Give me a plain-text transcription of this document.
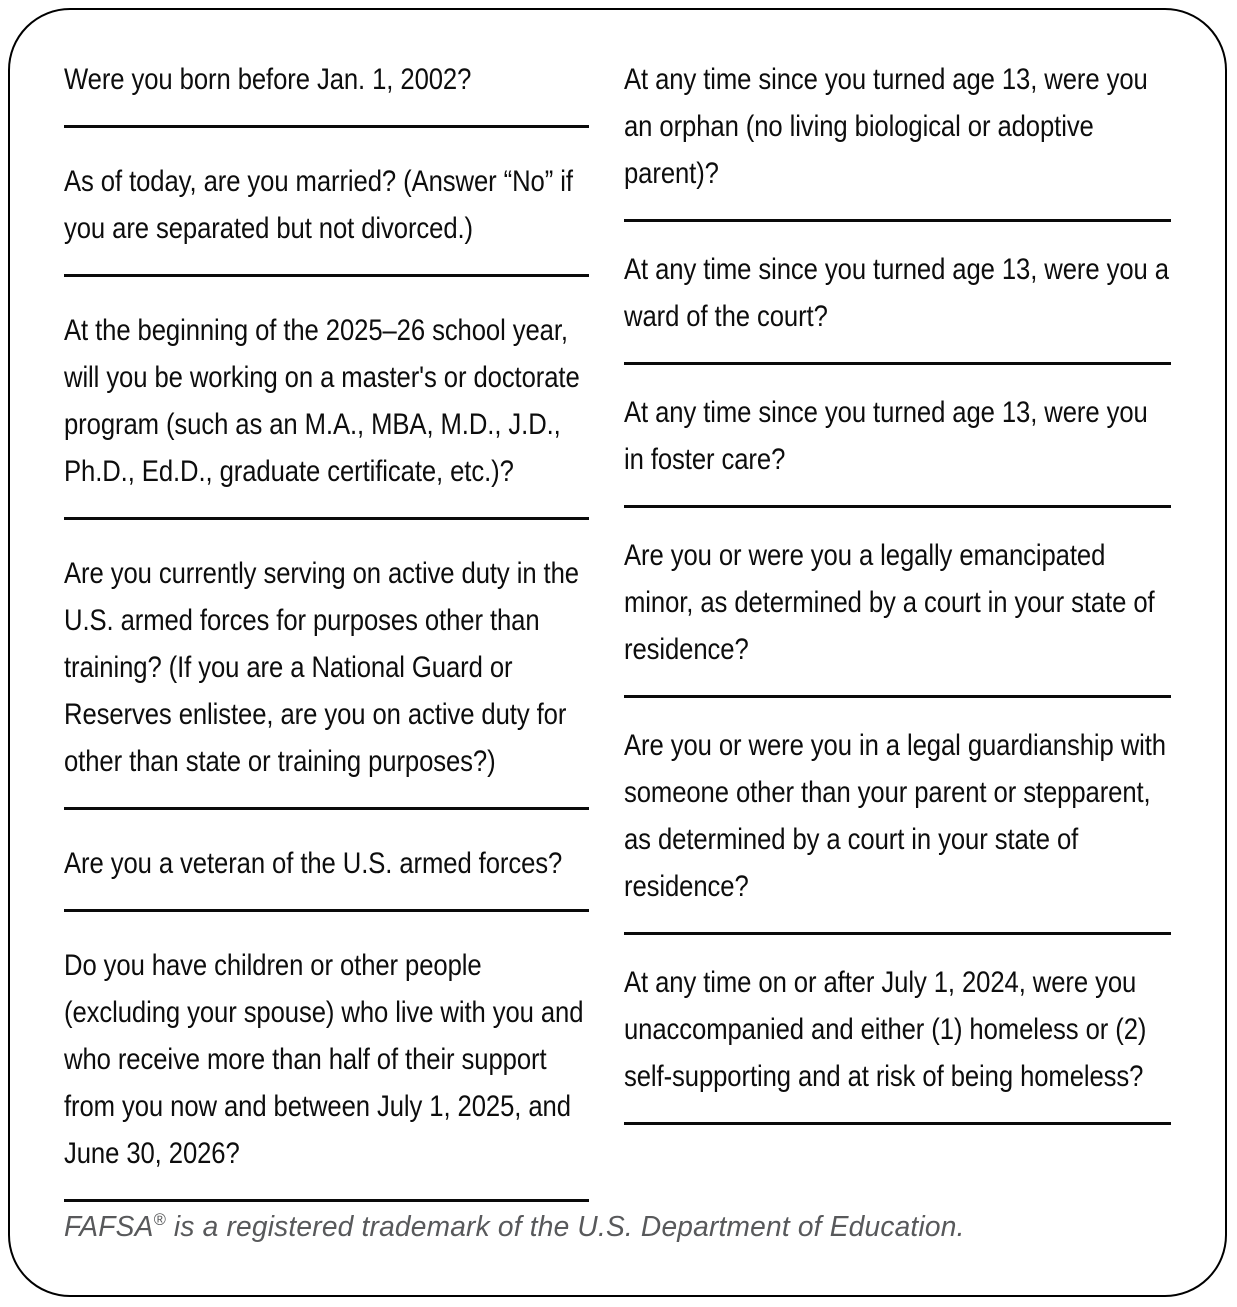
Were you born before Jan. 1, 2002?

As of today, are you married? (Answer “No” if you are separated but not divorced.)

At the beginning of the 2025–26 school year, will you be working on a master's or doctorate program (such as an M.A., MBA, M.D., J.D., Ph.D., Ed.D., graduate certificate, etc.)?

Are you currently serving on active duty in the U.S. armed forces for purposes other than training? (If you are a National Guard or Reserves enlistee, are you on active duty for other than state or training purposes?)

Are you a veteran of the U.S. armed forces?

Do you have children or other people (excluding your spouse) who live with you and who receive more than half of their support from you now and between July 1, 2025, and June 30, 2026?

At any time since you turned age 13, were you an orphan (no living biological or adoptive parent)?

At any time since you turned age 13, were you a ward of the court?

At any time since you turned age 13, were you in foster care?

Are you or were you a legally emancipated minor, as determined by a court in your state of residence?

Are you or were you in a legal guardianship with someone other than your parent or stepparent, as determined by a court in your state of residence?

At any time on or after July 1, 2024, were you unaccompanied and either (1) homeless or (2) self-supporting and at risk of being homeless?

FAFSA® is a registered trademark of the U.S. Department of Education.
